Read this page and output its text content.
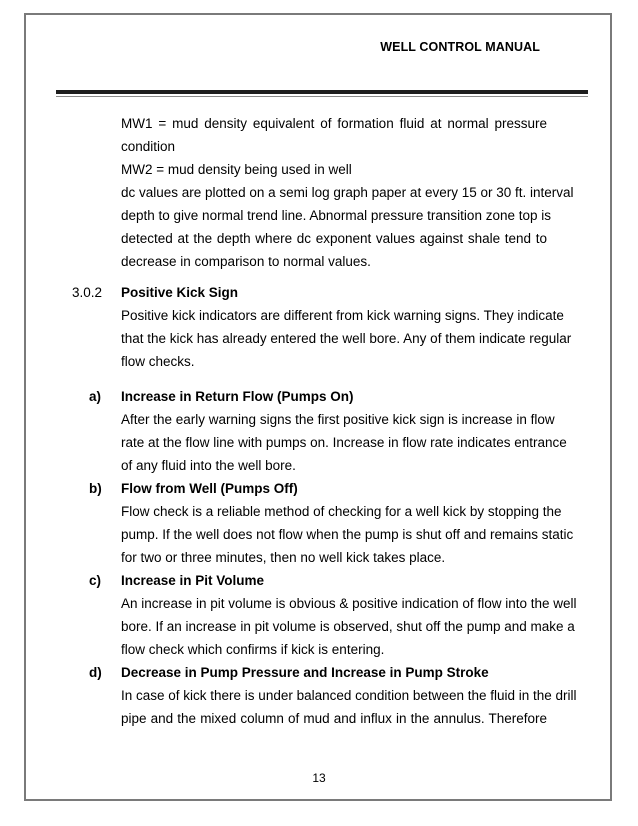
WELL CONTROL MANUAL
MW1 = mud density equivalent of formation fluid at normal pressure
condition
MW2 = mud density being used in well
dc values are plotted on a semi log graph paper at every 15 or 30 ft. interval
depth to give normal trend line. Abnormal pressure transition zone top is
detected at the depth where dc exponent values against shale tend to
decrease in comparison to normal values.
3.0.2 Positive Kick Sign
Positive kick indicators are different from kick warning signs. They indicate
that the kick has already entered the well bore. Any of them indicate regular
flow checks.
a) Increase in Return Flow (Pumps On)
After the early warning signs the first positive kick sign is increase in flow
rate at the flow line with pumps on. Increase in flow rate indicates entrance
of any fluid into the well bore.
b) Flow from Well (Pumps Off)
Flow check is a reliable method of checking for a well kick by stopping the
pump. If the well does not flow when the pump is shut off and remains static
for two or three minutes, then no well kick takes place.
c) Increase in Pit Volume
An increase in pit volume is obvious & positive indication of flow into the well
bore. If an increase in pit volume is observed, shut off the pump and make a
flow check which confirms if kick is entering.
d) Decrease in Pump Pressure and Increase in Pump Stroke
In case of kick there is under balanced condition between the fluid in the drill
pipe and the mixed column of mud and influx in the annulus. Therefore
13
